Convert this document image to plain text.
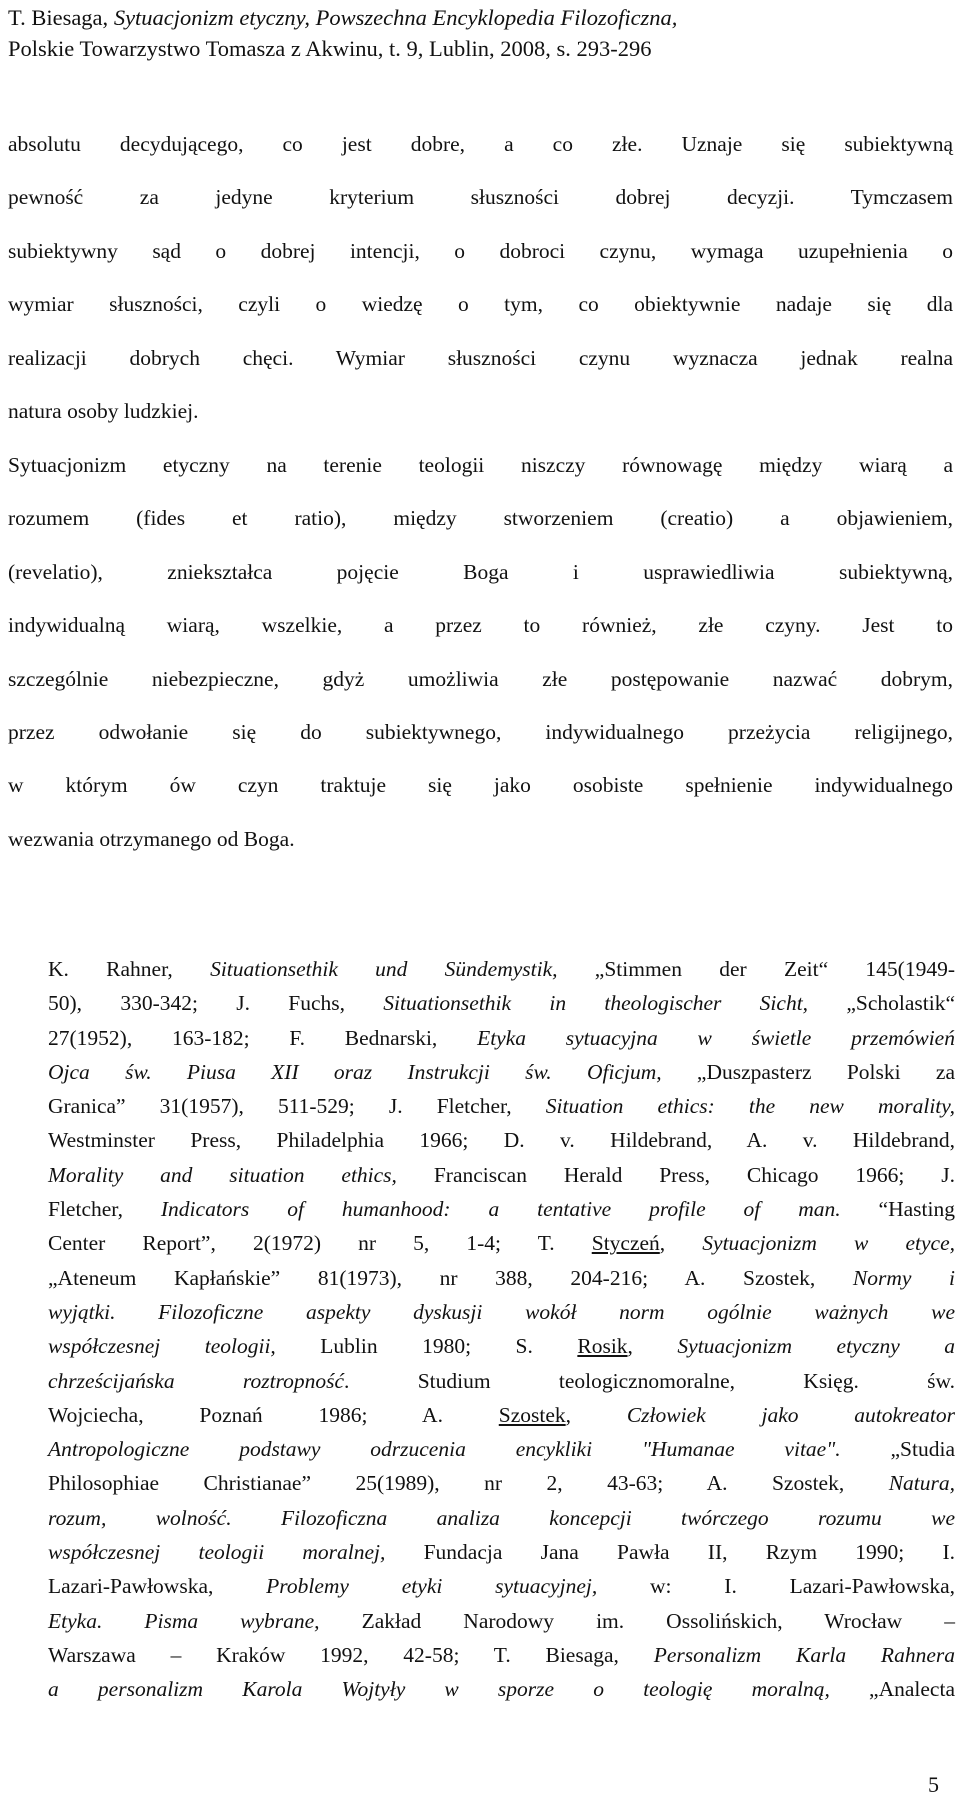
T. Biesaga, Sytuacjonizm etyczny, Powszechna Encyklopedia Filozoficzna,
Polskie Towarzystwo Tomasza z Akwinu, t. 9, Lublin, 2008, s. 293-296
absolutu decydującego, co jest dobre, a co złe. Uznaje się subiektywną
pewność za jedyne kryterium słuszności dobrej decyzji. Tymczasem
subiektywny sąd o dobrej intencji, o dobroci czynu, wymaga uzupełnienia o
wymiar słuszności, czyli o wiedzę o tym, co obiektywnie nadaje się dla
realizacji dobrych chęci. Wymiar słuszności czynu wyznacza jednak realna
natura osoby ludzkiej.
Sytuacjonizm etyczny na terenie teologii niszczy równowagę między wiarą a
rozumem (fides et ratio), między stworzeniem (creatio) a objawieniem,
(revelatio), zniekształca pojęcie Boga i usprawiedliwia subiektywną,
indywidualną wiarą, wszelkie, a przez to również, złe czyny. Jest to
szczególnie niebezpieczne, gdyż umożliwia złe postępowanie nazwać dobrym,
przez odwołanie się do subiektywnego, indywidualnego przeżycia religijnego,
w którym ów czyn traktuje się jako osobiste spełnienie indywidualnego
wezwania otrzymanego od Boga.
K. Rahner, Situationsethik und Sündemystik, „Stimmen der Zeit“ 145(1949-
50), 330-342; J. Fuchs, Situationsethik in theologischer Sicht, „Scholastik“
27(1952), 163-182; F. Bednarski, Etyka sytuacyjna w świetle przemówień
Ojca św. Piusa XII oraz Instrukcji św. Oficjum, „Duszpasterz Polski za
Granica” 31(1957), 511-529; J. Fletcher, Situation ethics: the new morality,
Westminster Press, Philadelphia 1966; D. v. Hildebrand, A. v. Hildebrand,
Morality and situation ethics, Franciscan Herald Press, Chicago 1966; J.
Fletcher, Indicators of humanhood: a tentative profile of man. “Hasting
Center Report”, 2(1972) nr 5, 1-4; T. Styczeń, Sytuacjonizm w etyce,
„Ateneum Kapłańskie” 81(1973), nr 388, 204-216; A. Szostek, Normy i
wyjątki. Filozoficzne aspekty dyskusji wokół norm ogólnie ważnych we
współczesnej teologii, Lublin 1980; S. Rosik, Sytuacjonizm etyczny a
chrześcijańska roztropność. Studium teologicznomoralne, Księg. św.
Wojciecha, Poznań 1986; A. Szostek, Człowiek jako autokreator
Antropologiczne podstawy odrzucenia encykliki "Humanae vitae". „Studia
Philosophiae Christianae” 25(1989), nr 2, 43-63; A. Szostek, Natura,
rozum, wolność. Filozoficzna analiza koncepcji twórczego rozumu we
współczesnej teologii moralnej, Fundacja Jana Pawła II, Rzym 1990; I.
Lazari-Pawłowska, Problemy etyki sytuacyjnej, w: I. Lazari-Pawłowska,
Etyka. Pisma wybrane, Zakład Narodowy im. Ossolińskich, Wrocław –
Warszawa – Kraków 1992, 42-58; T. Biesaga, Personalizm Karla Rahnera
a personalizm Karola Wojtyły w sporze o teologię moralną, „Analecta
5
